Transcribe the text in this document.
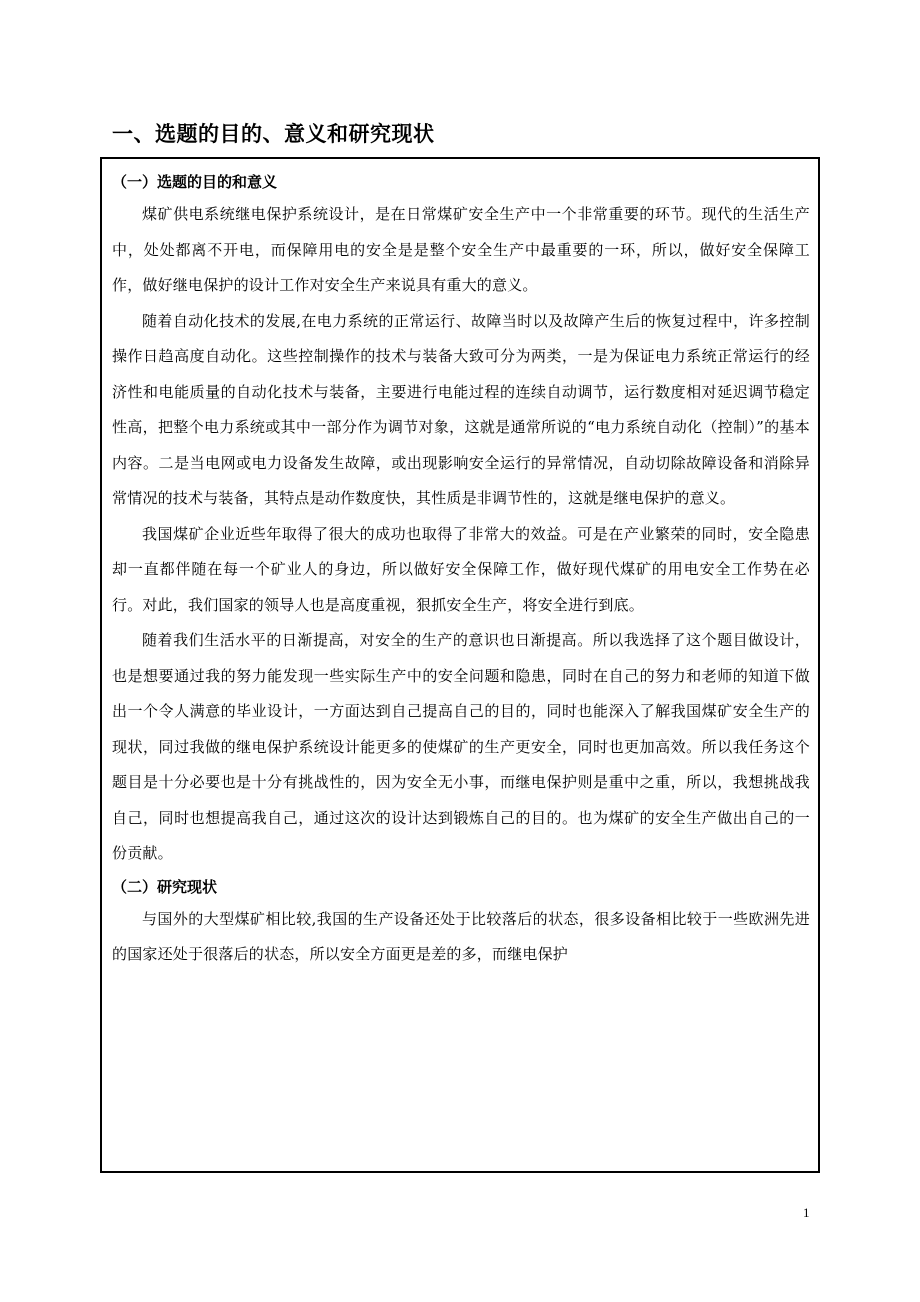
一、选题的目的、意义和研究现状
（一）选题的目的和意义

煤矿供电系统继电保护系统设计，是在日常煤矿安全生产中一个非常重要的环节。现代的生活生产中，处处都离不开电，而保障用电的安全是是整个安全生产中最重要的一环，所以，做好安全保障工作，做好继电保护的设计工作对安全生产来说具有重大的意义。

随着自动化技术的发展,在电力系统的正常运行、故障当时以及故障产生后的恢复过程中，许多控制操作日趋高度自动化。这些控制操作的技术与装备大致可分为两类，一是为保证电力系统正常运行的经济性和电能质量的自动化技术与装备，主要进行电能过程的连续自动调节，运行数度相对延迟调节稳定性高，把整个电力系统或其中一部分作为调节对象，这就是通常所说的“电力系统自动化（控制）”的基本内容。二是当电网或电力设备发生故障，或出现影响安全运行的异常情况，自动切除故障设备和消除异常情况的技术与装备，其特点是动作数度快，其性质是非调节性的，这就是继电保护的意义。

我国煤矿企业近些年取得了很大的成功也取得了非常大的效益。可是在产业繁荣的同时，安全隐患却一直都伴随在每一个矿业人的身边，所以做好安全保障工作，做好现代煤矿的用电安全工作势在必行。对此，我们国家的领导人也是高度重视，狠抓安全生产，将安全进行到底。

随着我们生活水平的日渐提高，对安全的生产的意识也日渐提高。所以我选择了这个题目做设计，也是想要通过我的努力能发现一些实际生产中的安全问题和隐患，同时在自己的努力和老师的知道下做出一个令人满意的毕业设计，一方面达到自己提高自己的目的，同时也能深入了解我国煤矿安全生产的现状，同过我做的继电保护系统设计能更多的使煤矿的生产更安全，同时也更加高效。所以我任务这个题目是十分必要也是十分有挑战性的，因为安全无小事，而继电保护则是重中之重，所以，我想挑战我自己，同时也想提高我自己，通过这次的设计达到锻炼自己的目的。也为煤矿的安全生产做出自己的一份贡献。

（二）研究现状

与国外的大型煤矿相比较,我国的生产设备还处于比较落后的状态，很多设备相比较于一些欧洲先进的国家还处于很落后的状态，所以安全方面更是差的多，而继电保护

1
